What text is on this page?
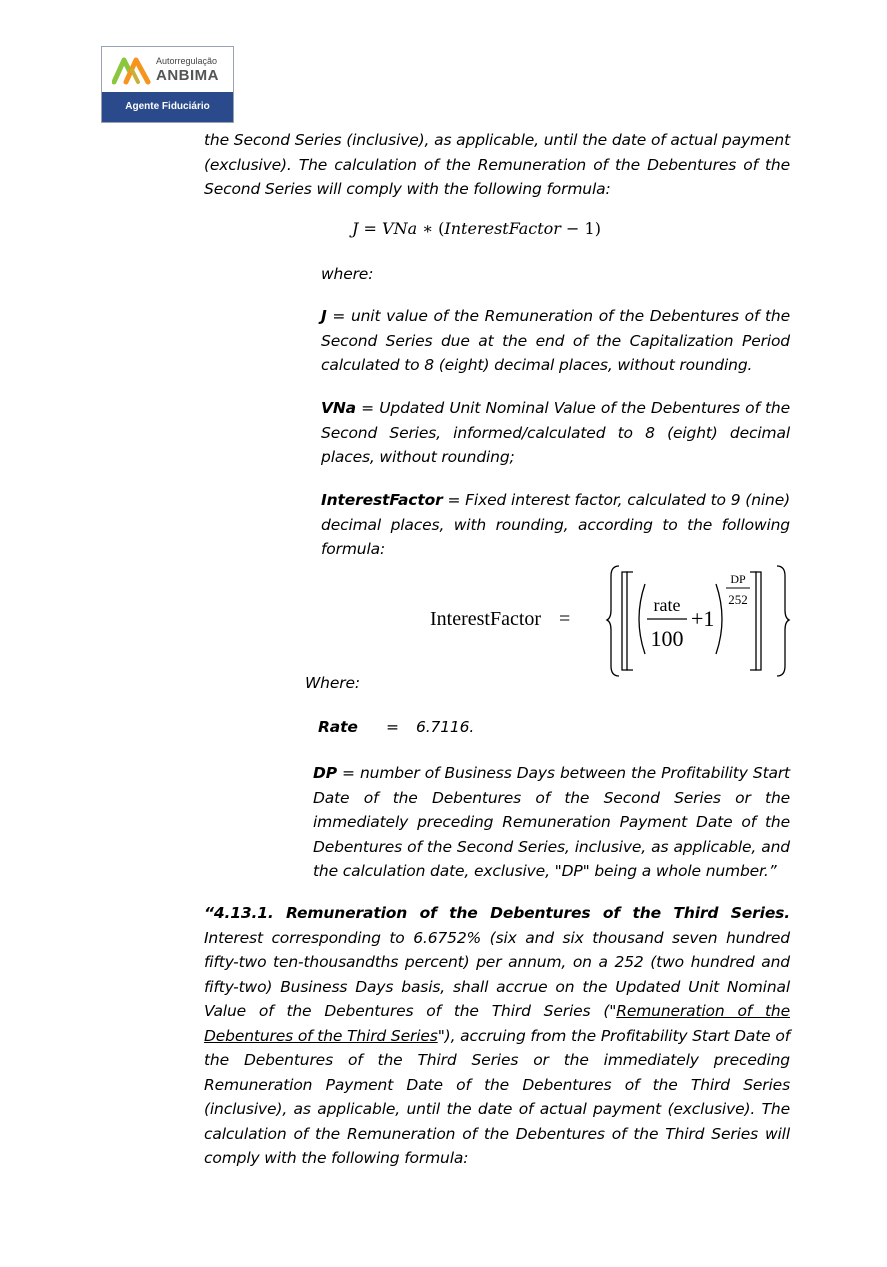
Autorregulação
ANBIMA
Agente Fiduciário
the Second Series (inclusive), as applicable, until the date of actual payment (exclusive). The calculation of the Remuneration of the Debentures of the Second Series will comply with the following formula:
J = VNa ∗ (InterestFactor − 1)
where:
J = unit value of the Remuneration of the Debentures of the Second Series due at the end of the Capitalization Period calculated to 8 (eight) decimal places, without rounding.
VNa = Updated Unit Nominal Value of the Debentures of the Second Series, informed/calculated to 8 (eight) decimal places, without rounding;
InterestFactor = Fixed interest factor, calculated to 9 (nine) decimal places, with rounding, according to the following formula:
InterestFactor =
rate
100
+1
DP
252
Where:
Rate = 6.7116.
DP = number of Business Days between the Profitability Start Date of the Debentures of the Second Series or the immediately preceding Remuneration Payment Date of the Debentures of the Second Series, inclusive, as applicable, and the calculation date, exclusive, "DP" being a whole number.”
“4.13.1. Remuneration of the Debentures of the Third Series. Interest corresponding to 6.6752% (six and six thousand seven hundred fifty-two ten-thousandths percent) per annum, on a 252 (two hundred and fifty-two) Business Days basis, shall accrue on the Updated Unit Nominal Value of the Debentures of the Third Series ("Remuneration of the Debentures of the Third Series"), accruing from the Profitability Start Date of the Debentures of the Third Series or the immediately preceding Remuneration Payment Date of the Debentures of the Third Series (inclusive), as applicable, until the date of actual payment (exclusive). The calculation of the Remuneration of the Debentures of the Third Series will comply with the following formula:
